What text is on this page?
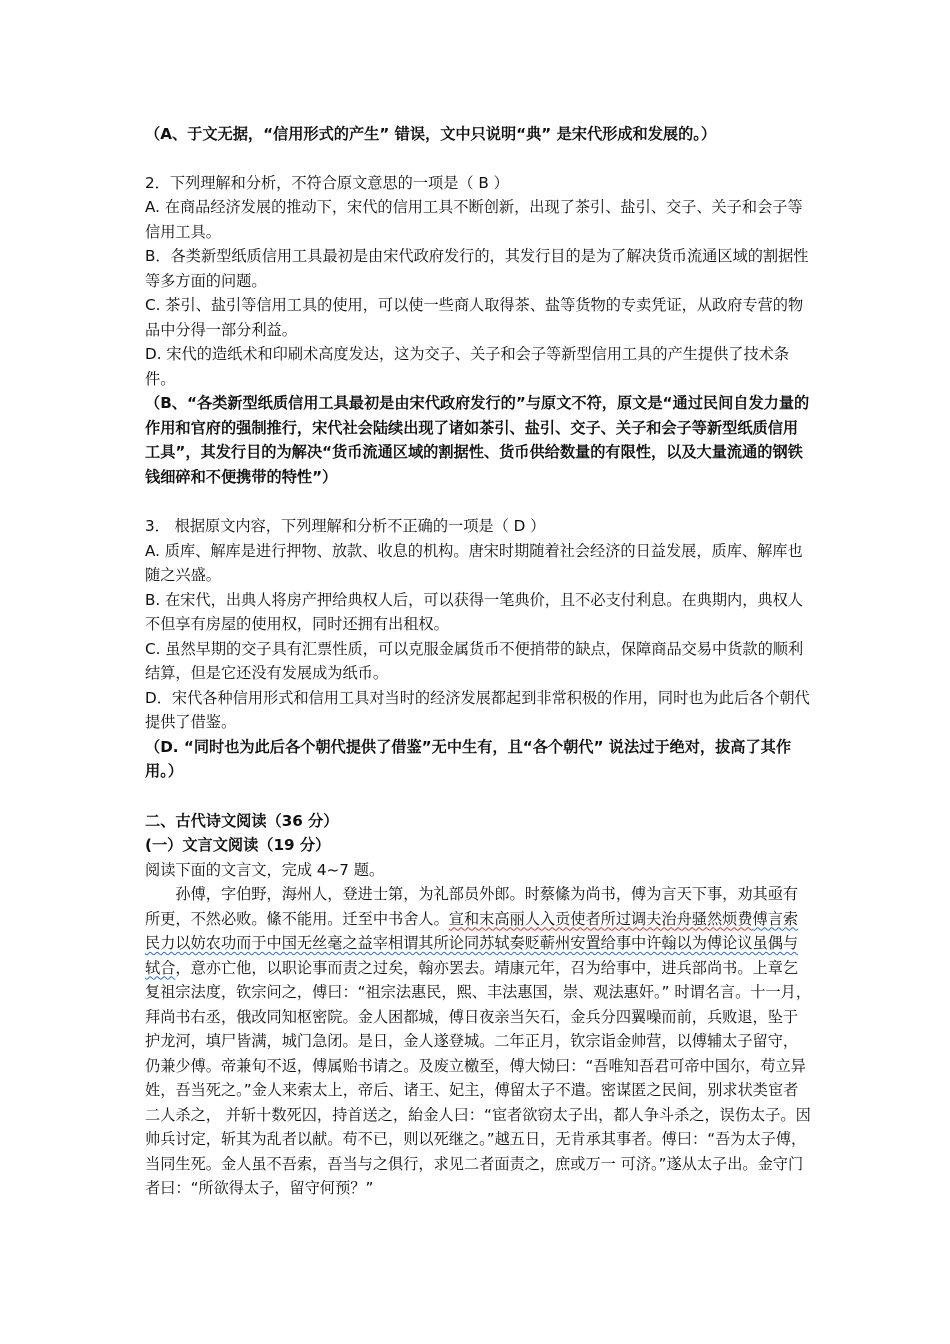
（A、于文无据，“信用形式的产生” 错误，文中只说明“典” 是宋代形成和发展的。）

2．下列理解和分析，不符合原文意思的一项是（ B ）

A. 在商品经济发展的推动下，宋代的信用工具不断创新，出现了茶引、盐引、交子、关子和会子等信用工具。

B．各类新型纸质信用工具最初是由宋代政府发行的，其发行目的是为了解决货币流通区域的割据性等多方面的问题。

C. 茶引、盐引等信用工具的使用，可以使一些商人取得茶、盐等货物的专卖凭证，从政府专营的物品中分得一部分利益。

D. 宋代的造纸术和印刷术高度发达，这为交子、关子和会子等新型信用工具的产生提供了技术条件。

（B、“各类新型纸质信用工具最初是由宋代政府发行的”与原文不符，原文是“通过民间自发力量的作用和官府的强制推行，宋代社会陆续出现了诸如茶引、盐引、交子、关子和会子等新型纸质信用工具”，其发行目的为解决“货币流通区域的割据性、货币供给数量的有限性，以及大量流通的钢铁钱细碎和不便携带的特性”）

3． 根据原文内容，下列理解和分析不正确的一项是（ D ）

A. 质库、解库是进行押物、放款、收息的机构。唐宋时期随着社会经济的日益发展，质库、解库也随之兴盛。

B. 在宋代，出典人将房产押给典权人后，可以获得一笔典价，且不必支付利息。在典期内，典权人不但享有房屋的使用权，同时还拥有出租权。

C. 虽然早期的交子具有汇票性质，可以克服金属货币不便捎带的缺点，保障商品交易中货款的顺利结算，但是它还没有发展成为纸币。

D．宋代各种信用形式和信用工具对当时的经济发展都起到非常积极的作用，同时也为此后各个朝代提供了借鉴。

（D. “同时也为此后各个朝代提供了借鉴”无中生有，且“各个朝代” 说法过于绝对，拔高了其作用。）

二、古代诗文阅读（36 分）

(一）文言文阅读（19 分）

阅读下面的文言文，完成 4~7 题。

孙傅，字伯野，海州人，登进士第，为礼部员外郎。时蔡絛为尚书，傅为言天下事，劝其亟有所更，不然必败。絛不能用。迁至中书舍人。宣和末高丽人入贡使者所过调夫治舟骚然烦费傅言索民力以妨农功而于中国无丝毫之益宰相谓其所论同苏轼奏贬蕲州安置给事中许翰以为傅论议虽偶与轼合，意亦亡他，以职论事而责之过矣，翰亦罢去。靖康元年，召为给事中，进兵部尚书。上章乞复祖宗法度，钦宗问之，傅曰：“祖宗法惠民，熙、丰法惠国，崇、观法惠奸。” 时谓名言。十一月，拜尚书右丞，俄改同知枢密院。金人困都城，傅日夜亲当矢石，金兵分四翼噪而前，兵败退，坠于护龙河，填尸皆满，城门急闭。是日，金人遂登城。二年正月，钦宗诣金帅营，以傅辅太子留守，仍兼少傅。帝兼旬不返，傅属贻书请之。及废立檄至，傅大恸曰：“吾唯知吾君可帝中国尔，苟立异姓，吾当死之。”金人来索太上，帝后、诸王、妃主，傅留太子不遣。密谋匿之民间，别求状类宦者二人杀之， 并斩十数死囚，持首送之，紿金人曰：“宦者欲窃太子出，都人争斗杀之，误伤太子。因帅兵讨定，斩其为乱者以献。苟不已，则以死继之。”越五日，无肯承其事者。傅曰：“吾为太子傅，当同生死。金人虽不吾索，吾当与之俱行，求见二者面责之，庶或万一 可济。”遂从太子出。金守门者曰：“所欲得太子，留守何预？”
